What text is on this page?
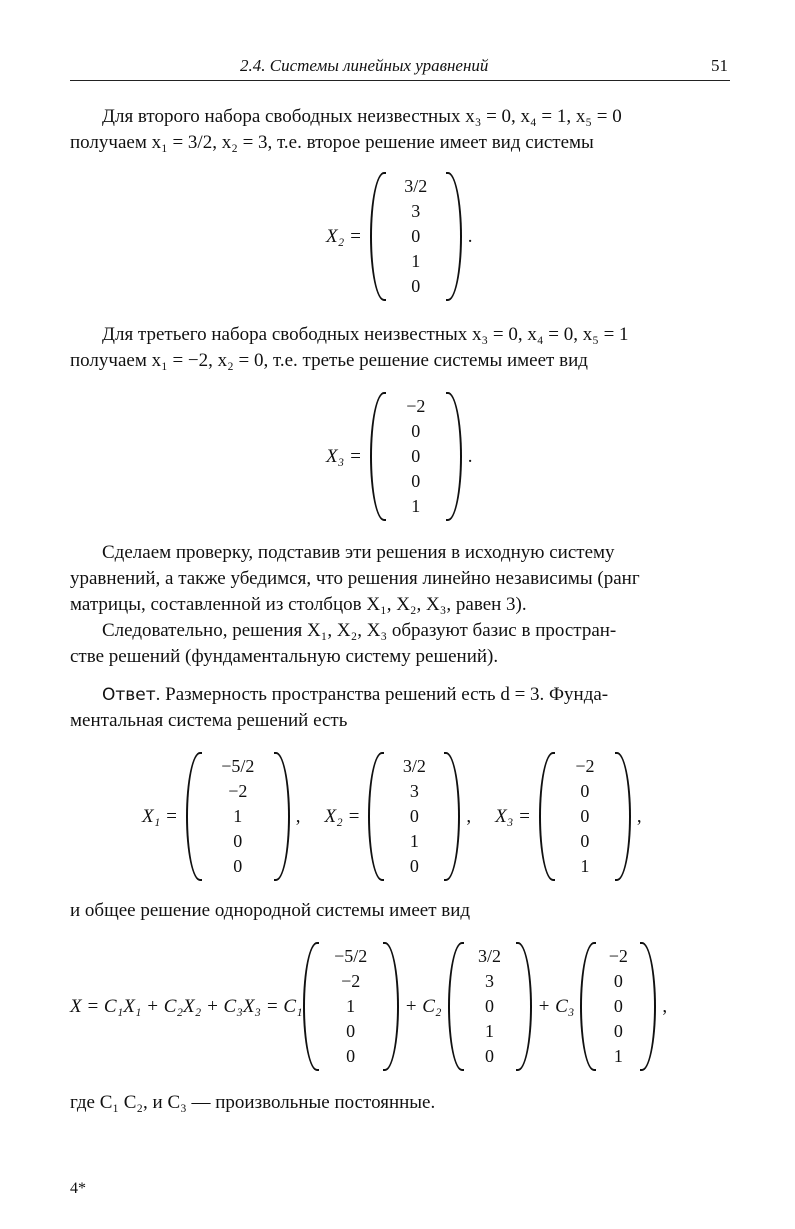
2.4. Системы линейных уравнений	51
Для второго набора свободных неизвестных x₃ = 0, x₄ = 1, x₅ = 0
получаем x₁ = 3/2, x₂ = 3, т.е. второе решение имеет вид системы
X₂ =
3/2
3
0
1
0
.
Для третьего набора свободных неизвестных x₃ = 0, x₄ = 0, x₅ = 1
получаем x₁ = −2, x₂ = 0, т.е. третье решение системы имеет вид
X₃ =
−2
0
0
0
1
.
Сделаем проверку, подставив эти решения в исходную систему
уравнений, а также убедимся, что решения линейно независимы (ранг
матрицы, составленной из столбцов X₁, X₂, X₃, равен 3).
Следовательно, решения X₁, X₂, X₃ образуют базис в простран-
стве решений (фундаментальную систему решений).
Ответ. Размерность пространства решений есть d = 3. Фунда-
ментальная система решений есть
X₁ =
−5/2
−2
1
0
0
, X₂ =
3/2
3
0
1
0
, X₃ =
−2
0
0
0
1
,
и общее решение однородной системы имеет вид
X = C₁X₁ + C₂X₂ + C₃X₃ = C₁
−5/2
−2
1
0
0
+ C₂
3/2
3
0
1
0
+ C₃
−2
0
0
0
1
,
где C₁ C₂, и C₃ — произвольные постоянные.
4*
